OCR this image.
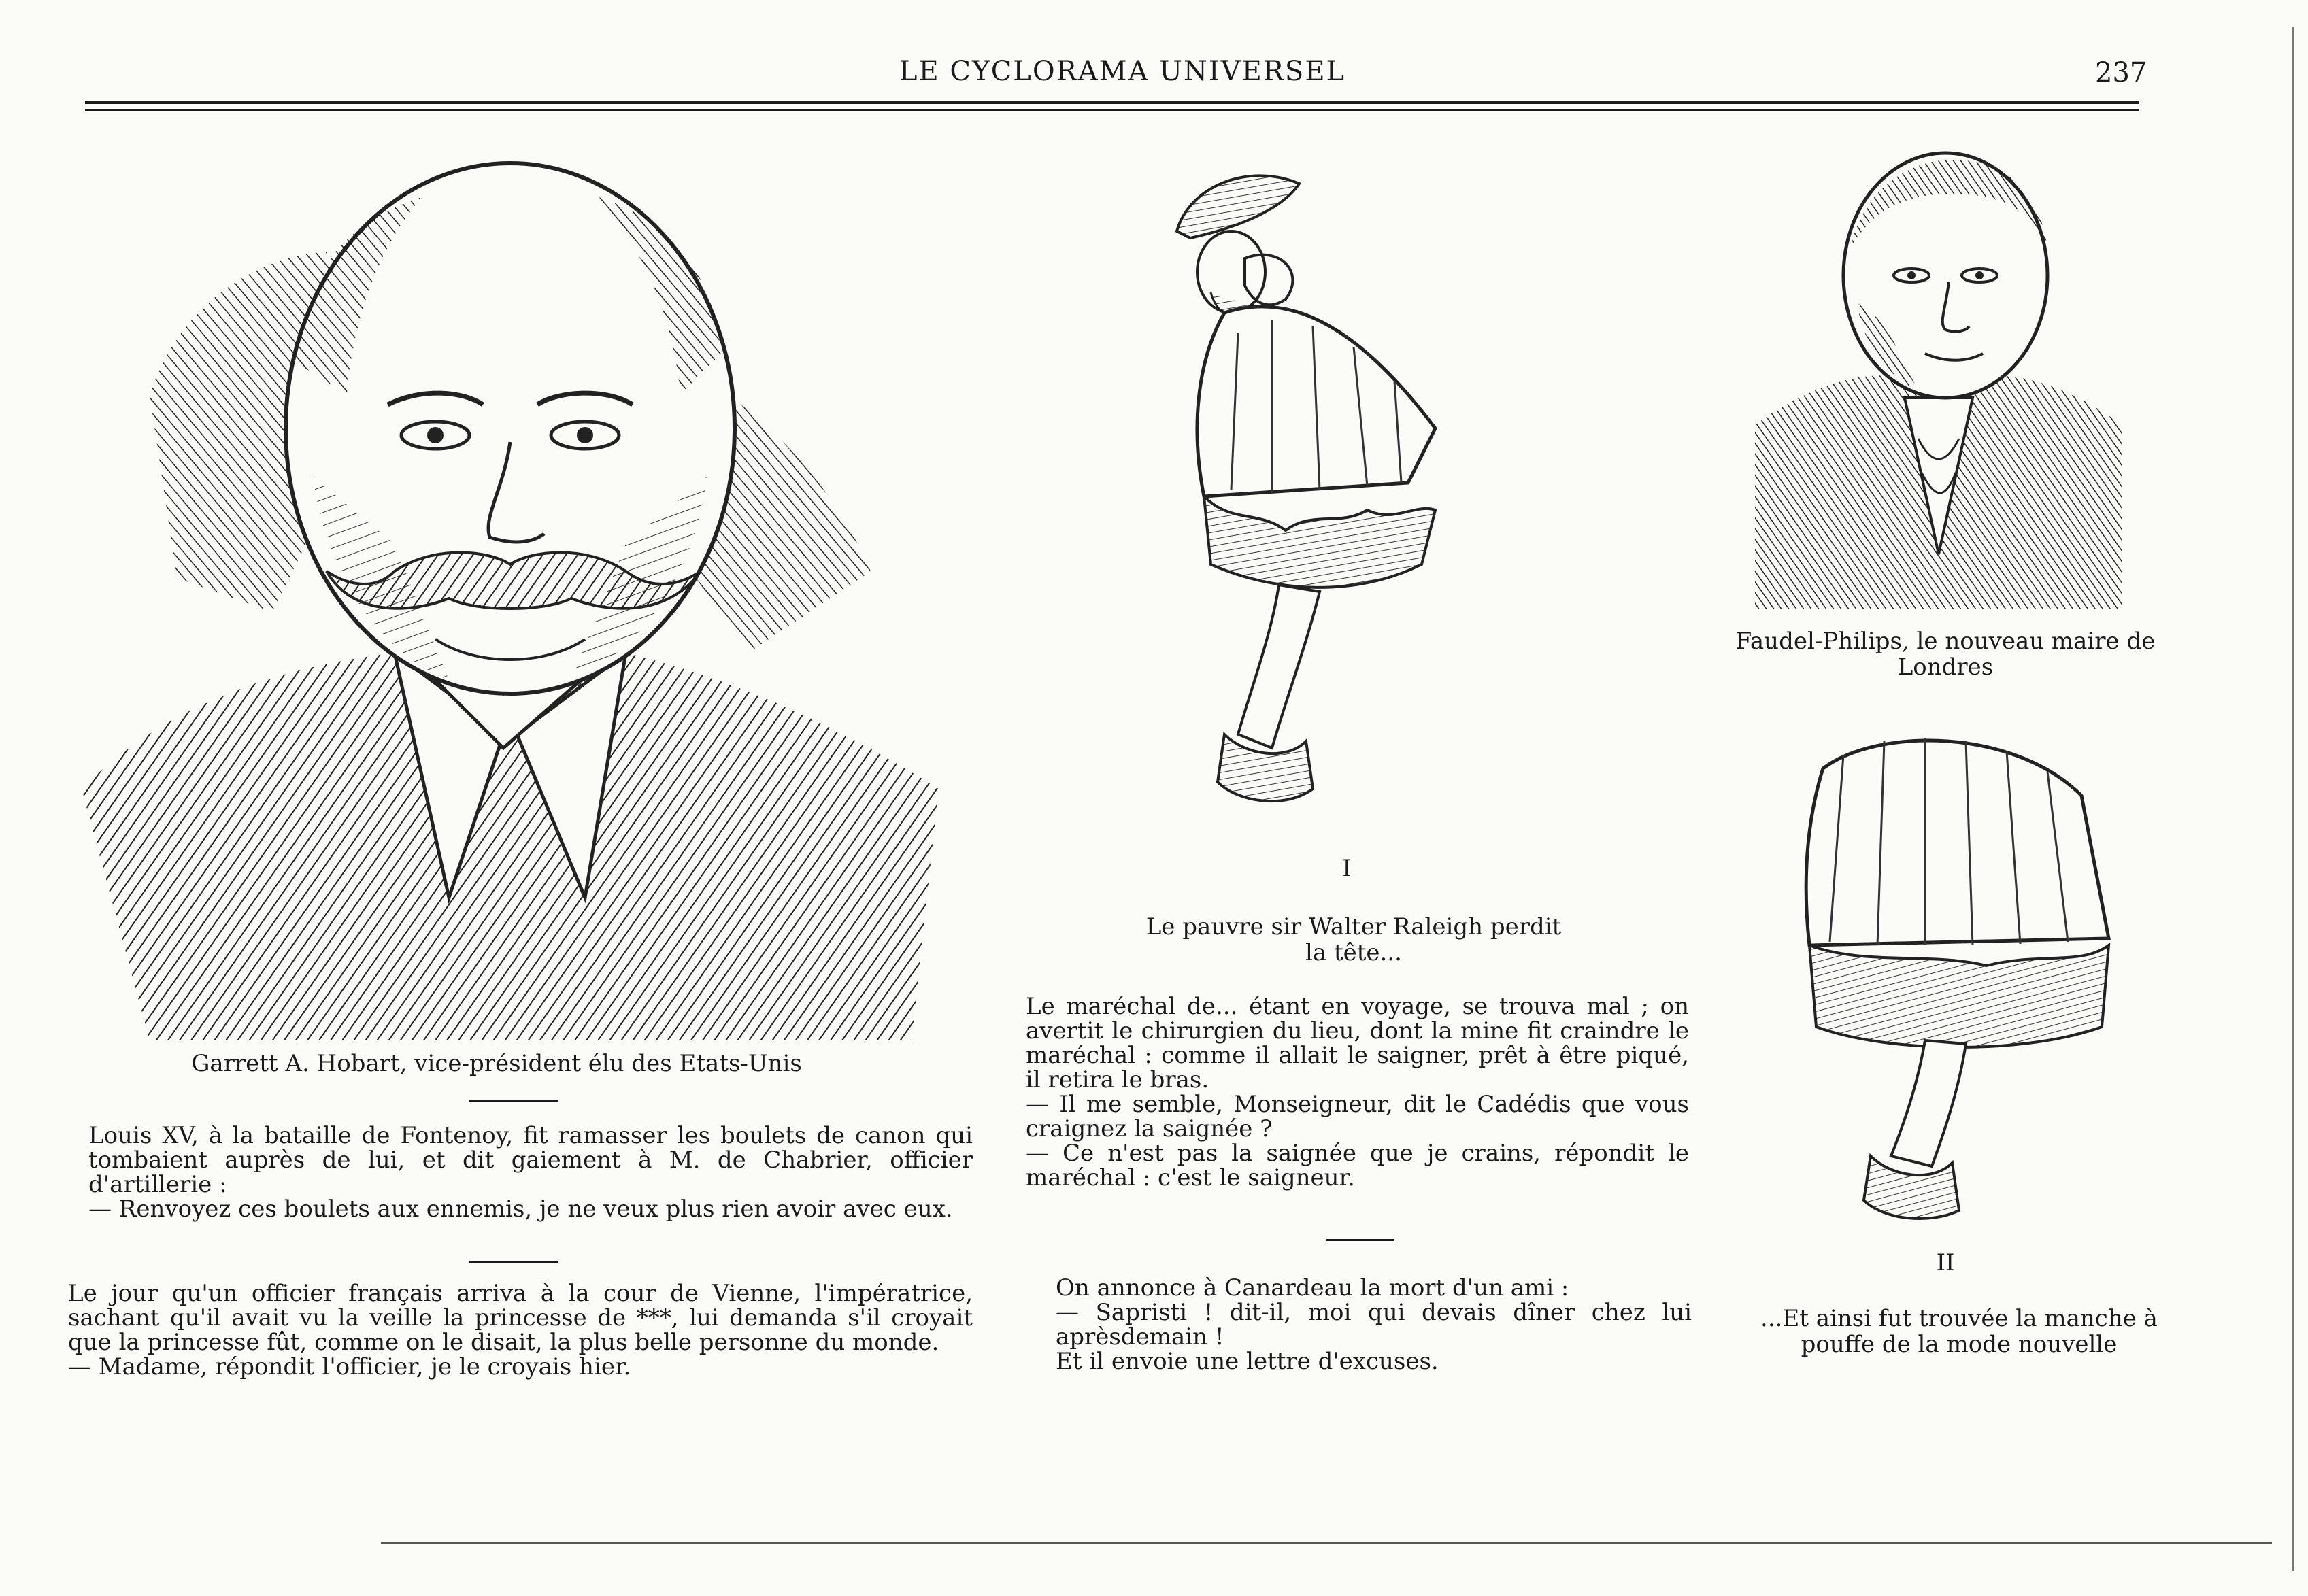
LE CYCLORAMA UNIVERSEL	237
Garrett A. Hobart, vice-président élu des Etats-Unis

Louis XV, à la bataille de Fontenoy, fit ramasser les boulets de canon qui tombaient auprès de lui, et dit gaiement à M. de Chabrier, officier d'artillerie :

— Renvoyez ces boulets aux ennemis, je ne veux plus rien avoir avec eux.

Le jour qu'un officier français arriva à la cour de Vienne, l'impératrice, sachant qu'il avait vu la veille la princesse de ***, lui demanda s'il croyait que la princesse fût, comme on le disait, la plus belle personne du monde.

— Madame, répondit l'officier, je le croyais hier.

I
Le pauvre sir Walter Raleigh perdit la tête...

Le maréchal de... étant en voyage, se trouva mal ; on avertit le chirurgien du lieu, dont la mine fit craindre le maréchal : comme il allait le saigner, prêt à être piqué, il retira le bras.

— Il me semble, Monseigneur, dit le Cadédis que vous craignez la saignée ?

— Ce n'est pas la saignée que je crains, répondit le maréchal : c'est le saigneur.

On annonce à Canardeau la mort d'un ami :

— Sapristi ! dit-il, moi qui devais dîner chez lui aprèsdemain !

Et il envoie une lettre d'excuses.

Faudel-Philips, le nouveau maire de Londres
II
...Et ainsi fut trouvée la manche à pouffe de la mode nouvelle
